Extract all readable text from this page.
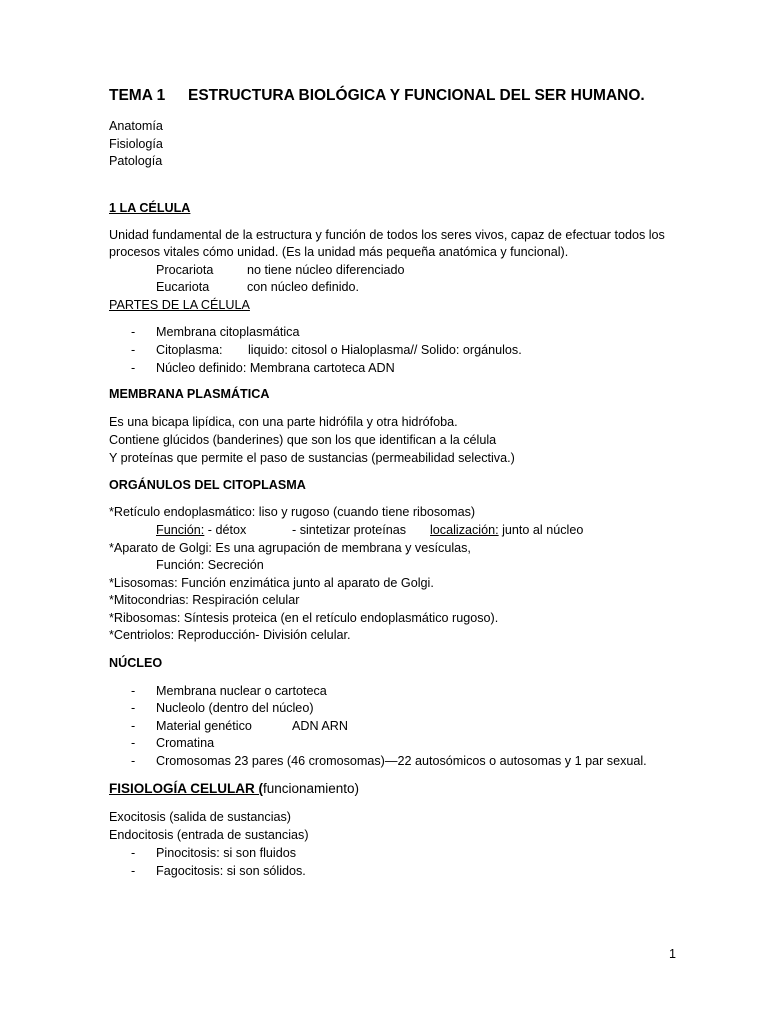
TEMA 1 ESTRUCTURA BIOLÓGICA Y FUNCIONAL DEL SER HUMANO.
Anatomía
Fisiología
Patología
1 LA CÉLULA
Unidad fundamental de la estructura y función de todos los seres vivos, capaz de efectuar todos los
procesos vitales cómo unidad. (Es la unidad más pequeña anatómica y funcional).
Procariota	no tiene núcleo diferenciado
Eucariota	con núcleo definido.
PARTES DE LA CÉLULA
- Membrana citoplasmática
- Citoplasma: liquido: citosol o Hialoplasma// Solido: orgánulos.
- Núcleo definido: Membrana cartoteca ADN
MEMBRANA PLASMÁTICA
Es una bicapa lipídica, con una parte hidrófila y otra hidrófoba.
Contiene glúcidos (banderines) que son los que identifican a la célula
Y proteínas que permite el paso de sustancias (permeabilidad selectiva.)
ORGÁNULOS DEL CITOPLASMA
*Retículo endoplasmático: liso y rugoso (cuando tiene ribosomas)
Función: - détox	- sintetizar proteínas localización: junto al núcleo
*Aparato de Golgi: Es una agrupación de membrana y vesículas,
Función: Secreción
*Lisosomas: Función enzimática junto al aparato de Golgi.
*Mitocondrias: Respiración celular
*Ribosomas: Síntesis proteica (en el retículo endoplasmático rugoso).
*Centriolos: Reproducción- División celular.
NÚCLEO
- Membrana nuclear o cartoteca
- Nucleolo (dentro del núcleo)
- Material genético	ADN ARN
- Cromatina
- Cromosomas 23 pares (46 cromosomas)—22 autosómicos o autosomas y 1 par sexual.
FISIOLOGÍA CELULAR (funcionamiento)
Exocitosis (salida de sustancias)
Endocitosis (entrada de sustancias)
- Pinocitosis: si son fluidos
- Fagocitosis: si son sólidos.
1
